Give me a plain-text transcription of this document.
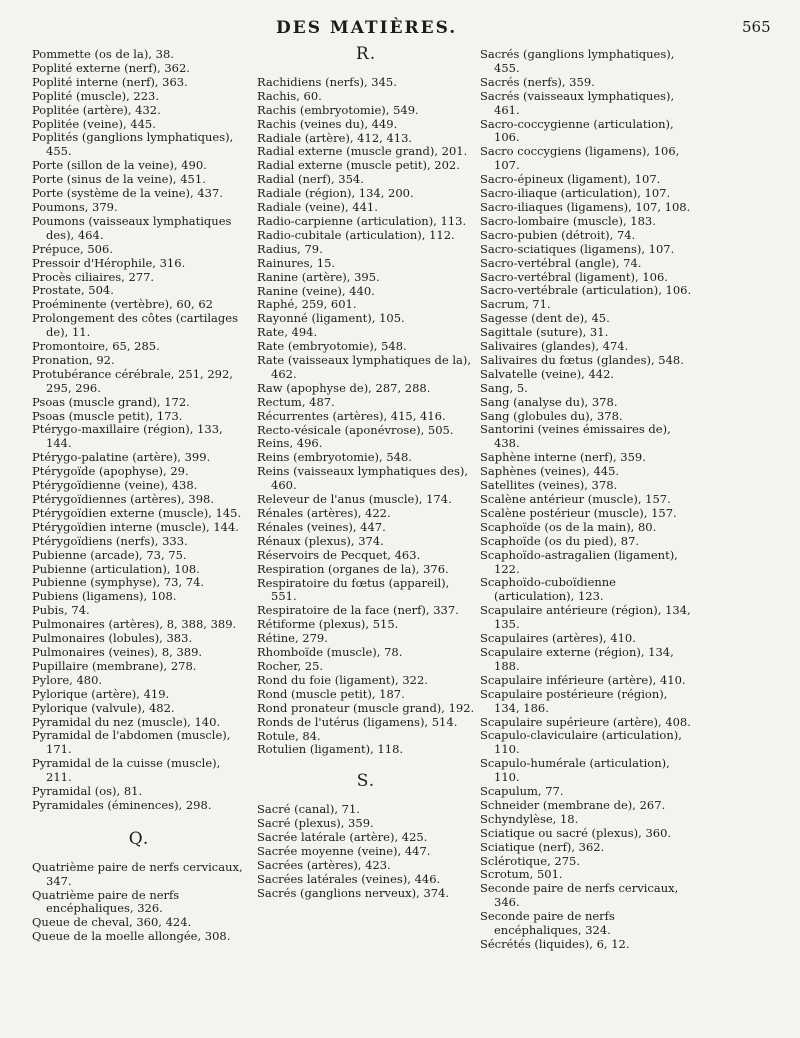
DES MATIÈRES.	565
Pommette (os de la), 38.
Poplité externe (nerf), 362.
Poplité interne (nerf), 363.
Poplité (muscle), 223.
Poplitée (artère), 432.
Poplitée (veine), 445.
Poplités (ganglions lymphatiques), 455.
Porte (sillon de la veine), 490.
Porte (sinus de la veine), 451.
Porte (système de la veine), 437.
Poumons, 379.
Poumons (vaisseaux lymphatiques des), 464.
Prépuce, 506.
Pressoir d'Hérophile, 316.
Procès ciliaires, 277.
Prostate, 504.
Proéminente (vertèbre), 60, 62
Prolongement des côtes (cartilages de), 11.
Promontoire, 65, 285.
Pronation, 92.
Protubérance cérébrale, 251, 292, 295, 296.
Psoas (muscle grand), 172.
Psoas (muscle petit), 173.
Ptérygo-maxillaire (région), 133, 144.
Ptérygo-palatine (artère), 399.
Ptérygoïde (apophyse), 29.
Ptérygoïdienne (veine), 438.
Ptérygoïdiennes (artères), 398.
Ptérygoïdien externe (muscle), 145.
Ptérygoïdien interne (muscle), 144.
Ptérygoïdiens (nerfs), 333.
Pubienne (arcade), 73, 75.
Pubienne (articulation), 108.
Pubienne (symphyse), 73, 74.
Pubiens (ligamens), 108.
Pubis, 74.
Pulmonaires (artères), 8, 388, 389.
Pulmonaires (lobules), 383.
Pulmonaires (veines), 8, 389.
Pupillaire (membrane), 278.
Pylore, 480.
Pylorique (artère), 419.
Pylorique (valvule), 482.
Pyramidal du nez (muscle), 140.
Pyramidal de l'abdomen (muscle), 171.
Pyramidal de la cuisse (muscle), 211.
Pyramidal (os), 81.
Pyramidales (éminences), 298.
Q.
Quatrième paire de nerfs cervicaux, 347.
Quatrième paire de nerfs encéphaliques, 326.
Queue de cheval, 360, 424.
Queue de la moelle allongée, 308.
R.
Rachidiens (nerfs), 345.
Rachis, 60.
Rachis (embryotomie), 549.
Rachis (veines du), 449.
Radiale (artère), 412, 413.
Radial externe (muscle grand), 201.
Radial externe (muscle petit), 202.
Radial (nerf), 354.
Radiale (région), 134, 200.
Radiale (veine), 441.
Radio-carpienne (articulation), 113.
Radio-cubitale (articulation), 112.
Radius, 79.
Rainures, 15.
Ranine (artère), 395.
Ranine (veine), 440.
Raphé, 259, 601.
Rayonné (ligament), 105.
Rate, 494.
Rate (embryotomie), 548.
Rate (vaisseaux lymphatiques de la), 462.
Raw (apophyse de), 287, 288.
Rectum, 487.
Récurrentes (artères), 415, 416.
Recto-vésicale (aponévrose), 505.
Reins, 496.
Reins (embryotomie), 548.
Reins (vaisseaux lymphatiques des), 460.
Releveur de l'anus (muscle), 174.
Rénales (artères), 422.
Rénales (veines), 447.
Rénaux (plexus), 374.
Réservoirs de Pecquet, 463.
Respiration (organes de la), 376.
Respiratoire du fœtus (appareil), 551.
Respiratoire de la face (nerf), 337.
Rétiforme (plexus), 515.
Rétine, 279.
Rhomboïde (muscle), 78.
Rocher, 25.
Rond du foie (ligament), 322.
Rond (muscle petit), 187.
Rond pronateur (muscle grand), 192.
Ronds de l'utérus (ligamens), 514.
Rotule, 84.
Rotulien (ligament), 118.
S.
Sacré (canal), 71.
Sacré (plexus), 359.
Sacrée latérale (artère), 425.
Sacrée moyenne (veine), 447.
Sacrées (artères), 423.
Sacrées latérales (veines), 446.
Sacrés (ganglions nerveux), 374.
Sacrés (ganglions lymphatiques), 455.
Sacrés (nerfs), 359.
Sacrés (vaisseaux lymphatiques), 461.
Sacro-coccygienne (articulation), 106.
Sacro coccygiens (ligamens), 106, 107.
Sacro-épineux (ligament), 107.
Sacro-iliaque (articulation), 107.
Sacro-iliaques (ligamens), 107, 108.
Sacro-lombaire (muscle), 183.
Sacro-pubien (détroit), 74.
Sacro-sciatiques (ligamens), 107.
Sacro-vertébral (angle), 74.
Sacro-vertébral (ligament), 106.
Sacro-vertébrale (articulation), 106.
Sacrum, 71.
Sagesse (dent de), 45.
Sagittale (suture), 31.
Salivaires (glandes), 474.
Salivaires du fœtus (glandes), 548.
Salvatelle (veine), 442.
Sang, 5.
Sang (analyse du), 378.
Sang (globules du), 378.
Santorini (veines émissaires de), 438.
Saphène interne (nerf), 359.
Saphènes (veines), 445.
Satellites (veines), 378.
Scalène antérieur (muscle), 157.
Scalène postérieur (muscle), 157.
Scaphoïde (os de la main), 80.
Scaphoïde (os du pied), 87.
Scaphoïdo-astragalien (ligament), 122.
Scaphoïdo-cuboïdienne (articulation), 123.
Scapulaire antérieure (région), 134, 135.
Scapulaires (artères), 410.
Scapulaire externe (région), 134, 188.
Scapulaire inférieure (artère), 410.
Scapulaire postérieure (région), 134, 186.
Scapulaire supérieure (artère), 408.
Scapulo-claviculaire (articulation), 110.
Scapulo-humérale (articulation), 110.
Scapulum, 77.
Schneider (membrane de), 267.
Schyndylèse, 18.
Sciatique ou sacré (plexus), 360.
Sciatique (nerf), 362.
Sclérotique, 275.
Scrotum, 501.
Seconde paire de nerfs cervicaux, 346.
Seconde paire de nerfs encéphaliques, 324.
Sécrétés (liquides), 6, 12.
